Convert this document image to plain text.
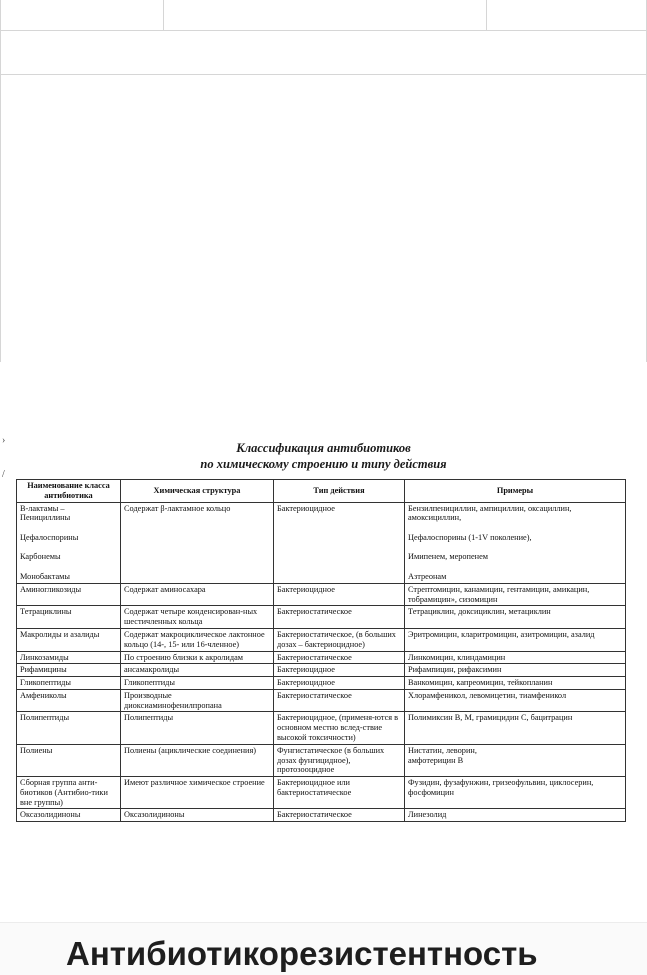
›
/
Классификация антибиотиков
по химическому строению и типу действия
Наименование класса антибиотика	Химическая структура	Тип действия	Примеры

B-лактамы –
Пенициллины

Цефалоспорины

Карбонемы

Монобактамы	Содержат β-лактамное кольцо	Бактериоцидное	Бензилпенициллин, ампициллин, оксациллин, амоксициллин,

Цефалоспорины (1-1V поколение),

Имипенем, меропенем

Азтреонам

Аминогликозиды	Содержат аминосахара	Бактериоцидное	Стрептомицин, канамицин, гентамицин, амикацин, тобрамицин», сизомицин

Тетрациклины	Содержат четыре конденсирован-ных шестичленных кольца	Бактериостатическое	Тетрациклин, доксициклин, метациклин

Макролиды и азалиды	Содержат макроциклическое лактонное кольцо (14-, 15- или 16-членное)	Бактериостатическое, (в больших дозах – бактериоцидное)	Эритромицин, кларитромицин, азитромицин, азалид

Линкозамиды	По строению близки к акролидам	Бактериостатическое	Линкомицин, клиндамицин

Рифамицины	ансамакролиды	Бактериоцидное	Рифампицин, рифаксимин

Гликопептиды	Гликопептиды	Бактериоцидное	Ванкомицин, капреомицин, тейкопланин

Амфениколы	Производные диоксиаминофенилпропана	Бактериостатическое	Хлорамфеникол, левомицетин, тиамфеникол

Полипептиды	Полипептиды	Бактериоцидное, (применя-ются в основном местно вслед-ствие высокой токсичности)	Полимиксин В, М, грамицидин С, бацитрацин

Полиены	Полиены (ациклические соединения)	Фунгистатическое (в больших дозах фунгицидное), протозооцидное	Нистатин, леворин,
амфотерицин В

Сборная группа анти-биотиков (Антибио-тики вне группы)	Имеют различное химическое строение	Бактериоцидное или бактериостатическое	Фузидин, фузафунжин, гризеофульвин, циклосерин, фосфомицин

Оксазолидиноны	Оксазолидиноны	Бактериостатическое	Линезолид
Антибиотикорезистентность
